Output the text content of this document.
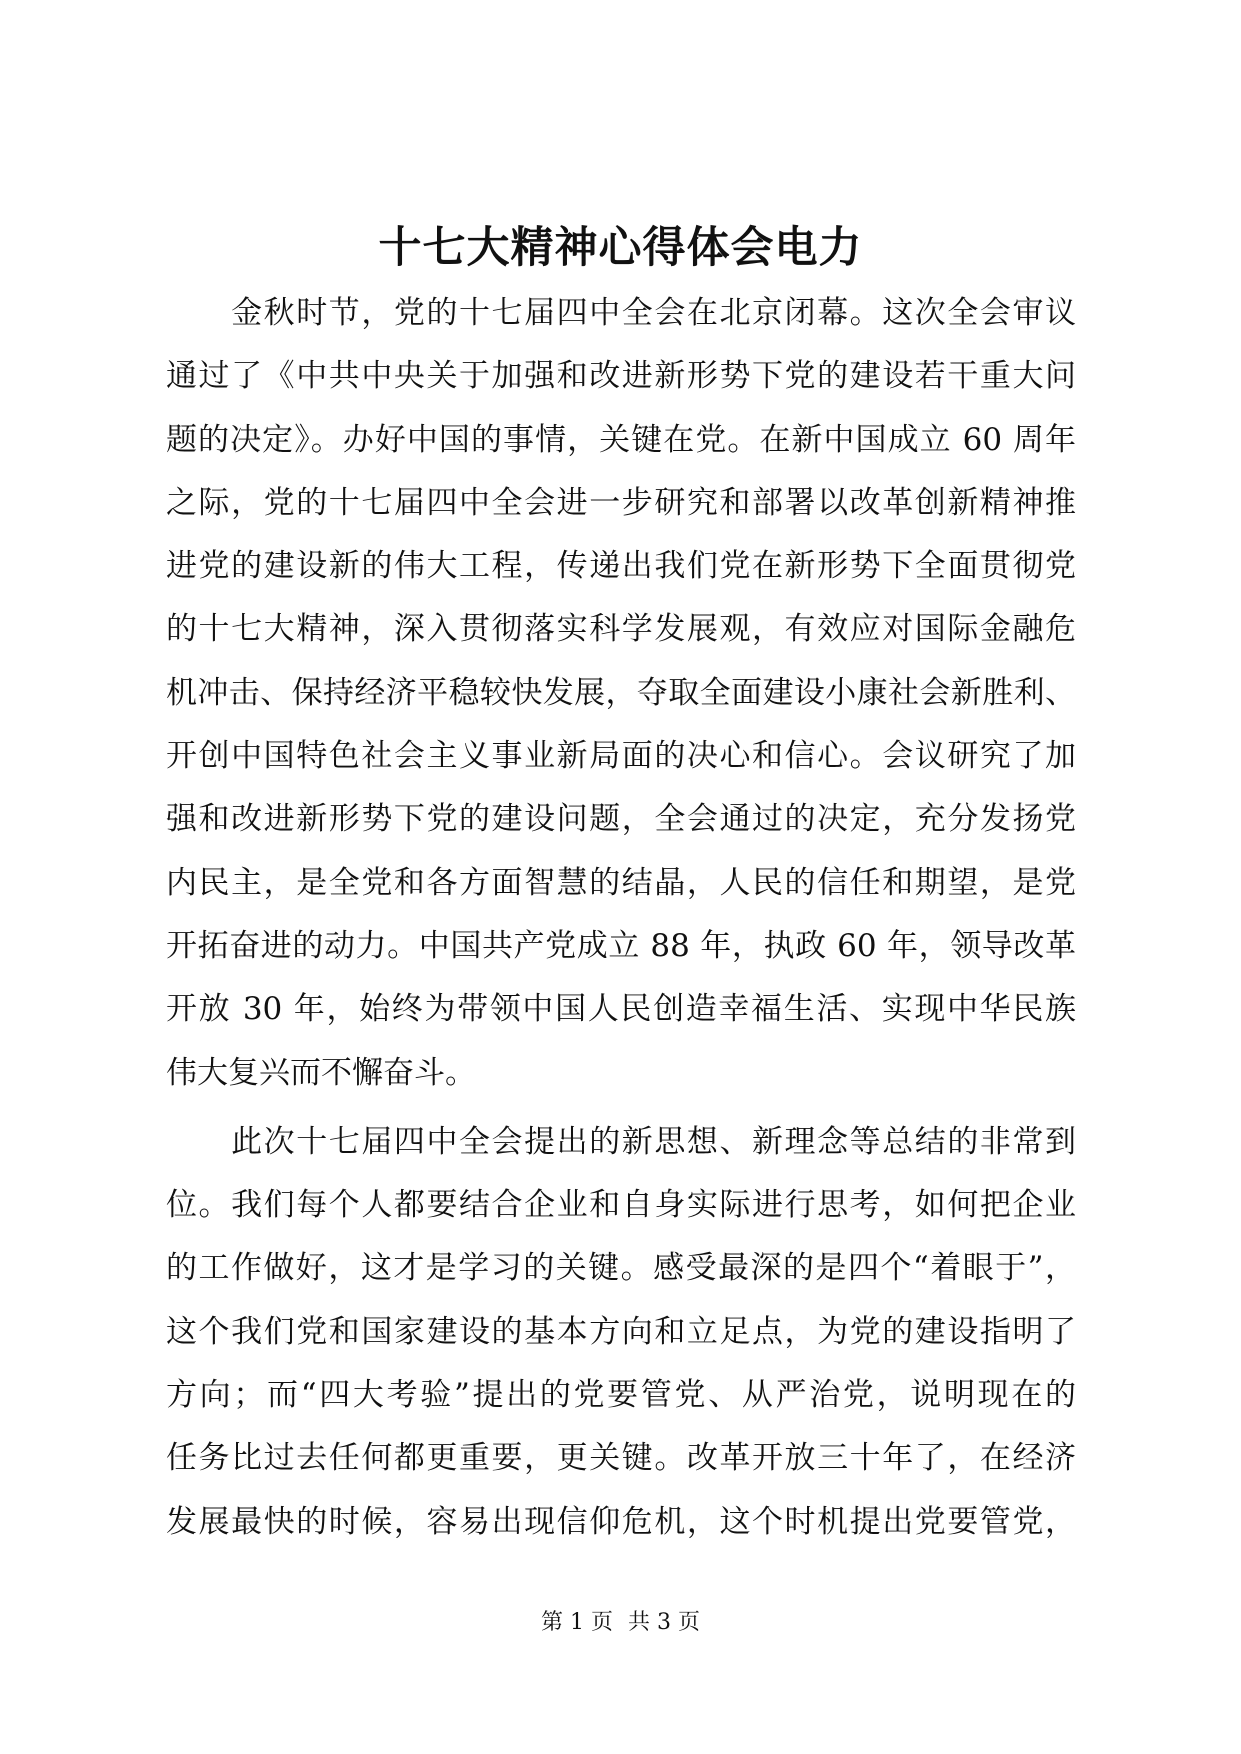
十七大精神心得体会电力
　　金秋时节，党的十七届四中全会在北京闭幕。这次全会审议
通过了《中共中央关于加强和改进新形势下党的建设若干重大问
题的决定》。办好中国的事情，关键在党。在新中国成立 60 周年
之际，党的十七届四中全会进一步研究和部署以改革创新精神推
进党的建设新的伟大工程，传递出我们党在新形势下全面贯彻党
的十七大精神，深入贯彻落实科学发展观，有效应对国际金融危
机冲击、保持经济平稳较快发展，夺取全面建设小康社会新胜利、
开创中国特色社会主义事业新局面的决心和信心。会议研究了加
强和改进新形势下党的建设问题，全会通过的决定，充分发扬党
内民主，是全党和各方面智慧的结晶，人民的信任和期望，是党
开拓奋进的动力。中国共产党成立 88 年，执政 60 年，领导改革
开放 30 年，始终为带领中国人民创造幸福生活、实现中华民族
伟大复兴而不懈奋斗。
　　此次十七届四中全会提出的新思想、新理念等总结的非常到
位。我们每个人都要结合企业和自身实际进行思考，如何把企业
的工作做好，这才是学习的关键。感受最深的是四个“着眼于”，
这个我们党和国家建设的基本方向和立足点，为党的建设指明了
方向；而“四大考验”提出的党要管党、从严治党，说明现在的
任务比过去任何都更重要，更关键。改革开放三十年了，在经济
发展最快的时候，容易出现信仰危机，这个时机提出党要管党，
第 1 页 共 3 页
